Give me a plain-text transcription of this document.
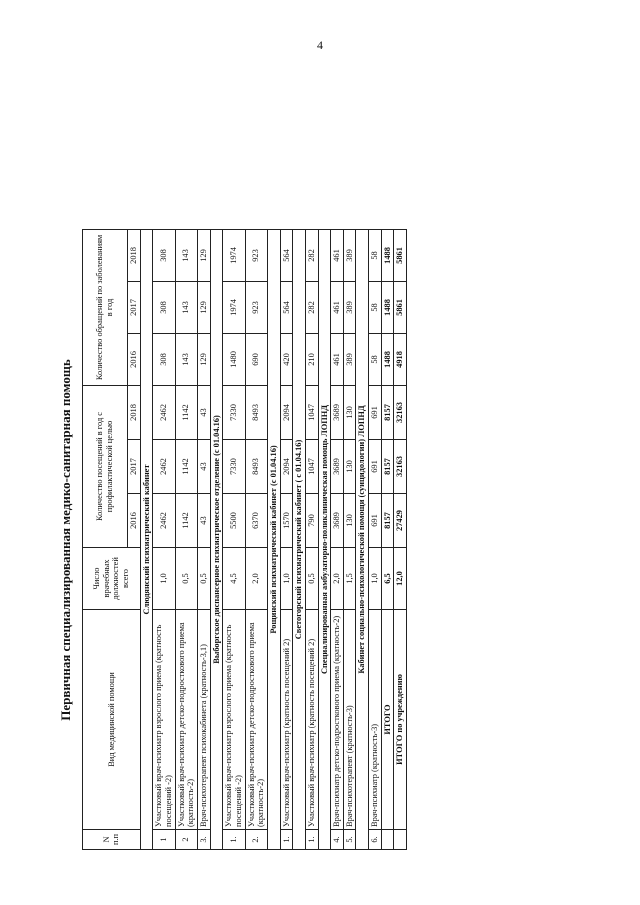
4
Первичная специализированная медико-санитарная помощь
N
п.п	Вид медицинской помощи	Число врачебных должностей всего	Количество посещений в год с профилактической целью			Количество обращений по заболеваниям в год		
			2016	2017	2018	2016	2017	2018
Слюдянский психиатрический кабинет								
1	Участковый врач-психиатр взрослого приема (кратность посещений -2)	1,0	2462	2462	2462	308	308	308
2	Участковый врач-психиатр детско-подросткового приема (кратность-2)	0,5	1142	1142	1142	143	143	143
3.	Врач-психотерапевт психокабинета (кратность-3,1)	0,5	43	43	43	129	129	129
Выборгское диспансерное психиатрическое отделение (с 01.04.16)								
1.	Участковый врач-психиатр взрослого приема (кратность посещений -2)	4,5	5500	7330	7330	1480	1974	1974
2.	Участковый врач-психиатр детско-подросткового приема (кратность-2)	2,0	6370	8493	8493	690	923	923
Рощинский психиатрический кабинет (с 01.04.16)								
1.	Участковый врач-психиатр (кратность посещений 2)	1,0	1570	2094	2094	420	564	564
Светогорский психиатрический кабинет ( с 01.04.16)								
1.	Участковый врач-психиатр (кратность посещений 2)	0,5	790	1047	1047	210	282	282
Специализированная амбулаторно-поликлиническая помощь ЛОПНД								
4.	Врач-психиатр детско-подросткового приема (кратность-2)	2,0	3689	3689	3689	461	461	461
5.	Врач-психотерапевт (кратность-3)	1,5	130	130	130	389	389	389
Кабинет социально-психологической помощи (суицидологии) ЛОПНД								
6.	Врач-психиатр (кратность-3)	1,0	691	691	691	58	58	58
	ИТОГО	6,5	8157	8157	8157	1488	1488	1488
	ИТОГО по учреждению	12,0	27429	32163	32163	4918	5861	5861
